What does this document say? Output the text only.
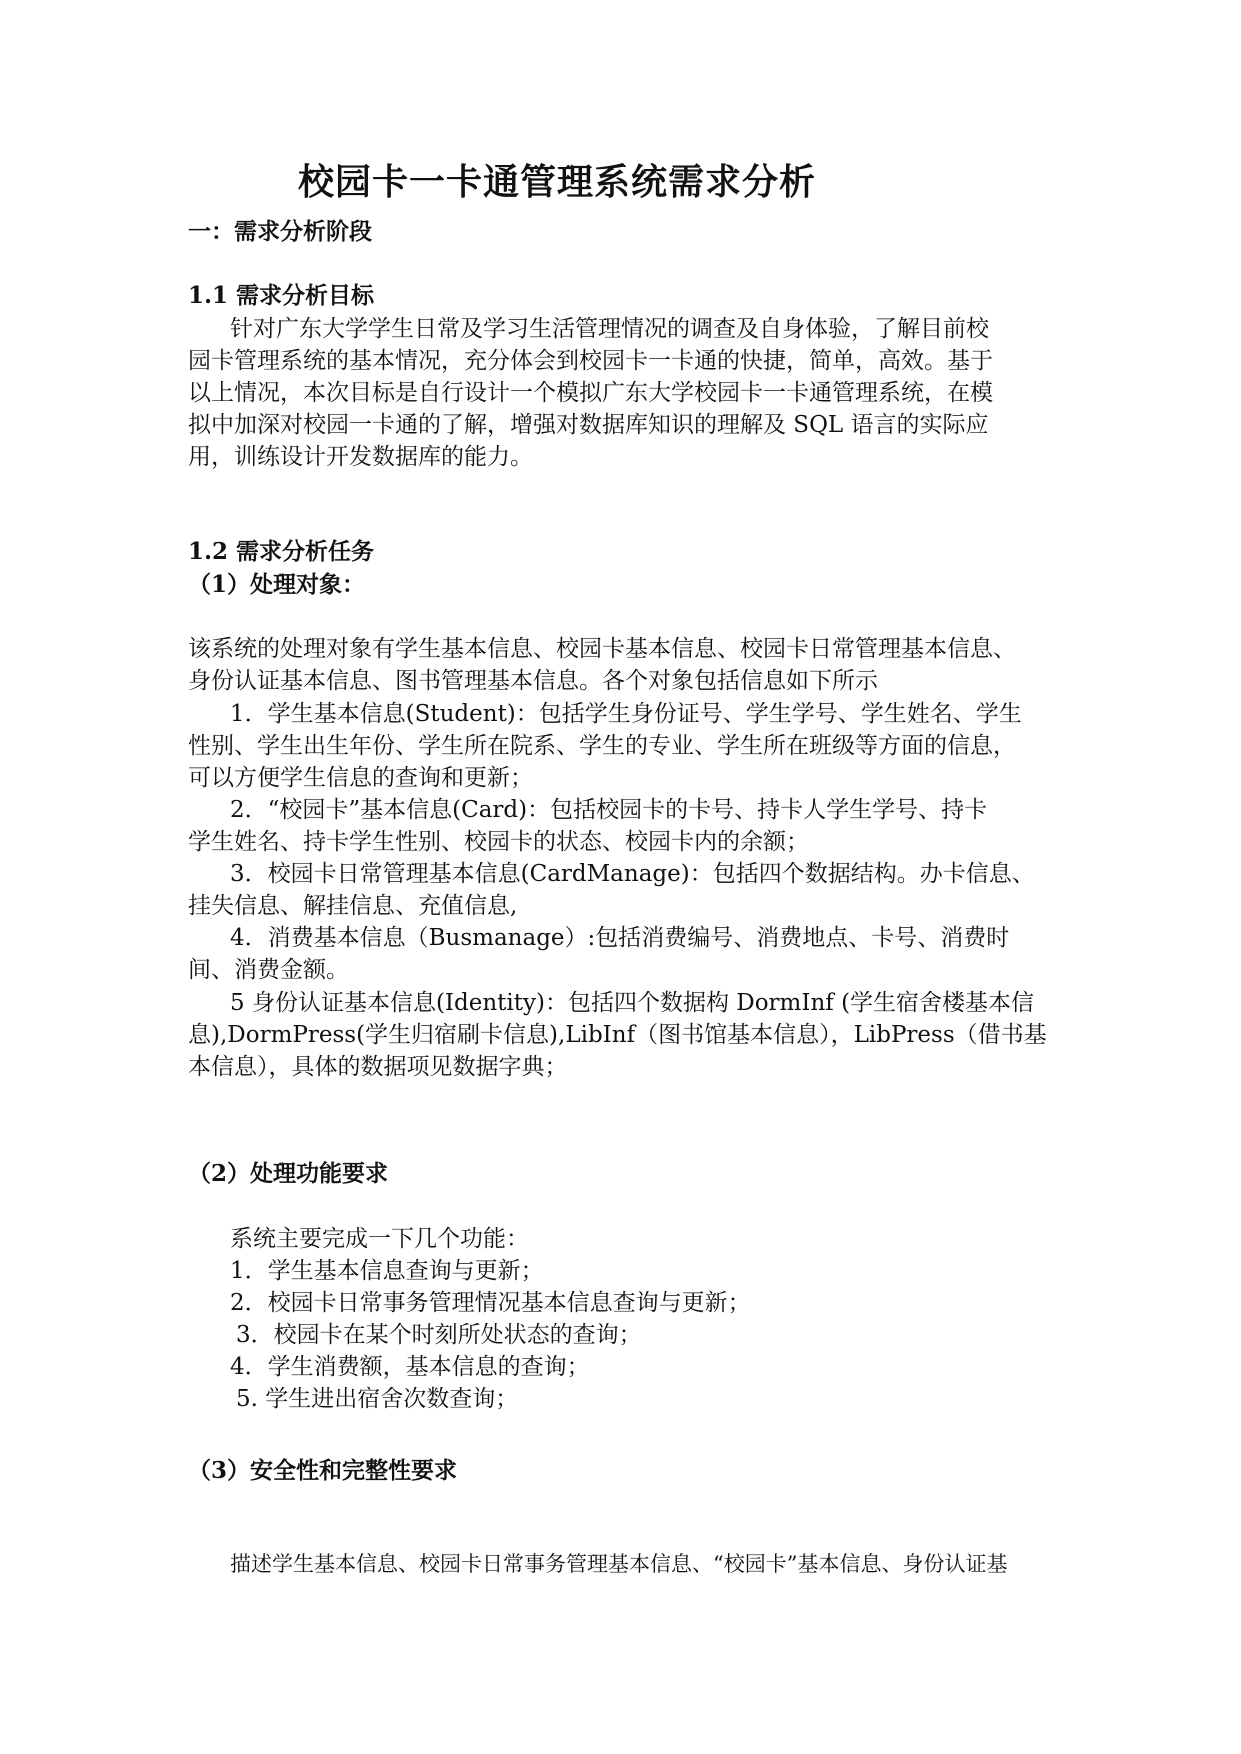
校园卡一卡通管理系统需求分析
一：需求分析阶段
1.1 需求分析目标
针对广东大学学生日常及学习生活管理情况的调查及自身体验，了解目前校
园卡管理系统的基本情况，充分体会到校园卡一卡通的快捷，简单，高效。基于
以上情况，本次目标是自行设计一个模拟广东大学校园卡一卡通管理系统，在模
拟中加深对校园一卡通的了解，增强对数据库知识的理解及 SQL 语言的实际应
用，训练设计开发数据库的能力。
1.2 需求分析任务
（1）处理对象：
该系统的处理对象有学生基本信息、校园卡基本信息、校园卡日常管理基本信息、
身份认证基本信息、图书管理基本信息。各个对象包括信息如下所示
1．学生基本信息(Student)：包括学生身份证号、学生学号、学生姓名、学生
性别、学生出生年份、学生所在院系、学生的专业、学生所在班级等方面的信息，
可以方便学生信息的查询和更新；
2．“校园卡”基本信息(Card)：包括校园卡的卡号、持卡人学生学号、持卡
学生姓名、持卡学生性别、校园卡的状态、校园卡内的余额；
3．校园卡日常管理基本信息(CardManage)：包括四个数据结构。办卡信息、
挂失信息、解挂信息、充值信息,
4．消费基本信息（Busmanage）:包括消费编号、消费地点、卡号、消费时
间、消费金额。
5 身份认证基本信息(Identity)：包括四个数据构 DormInf (学生宿舍楼基本信
息),DormPress(学生归宿刷卡信息),LibInf（图书馆基本信息），LibPress（借书基
本信息），具体的数据项见数据字典；
（2）处理功能要求
系统主要完成一下几个功能：
1．学生基本信息查询与更新；
2．校园卡日常事务管理情况基本信息查询与更新；
3．校园卡在某个时刻所处状态的查询；
4．学生消费额，基本信息的查询；
5. 学生进出宿舍次数查询；
（3）安全性和完整性要求
描述学生基本信息、校园卡日常事务管理基本信息、“校园卡”基本信息、身份认证基
